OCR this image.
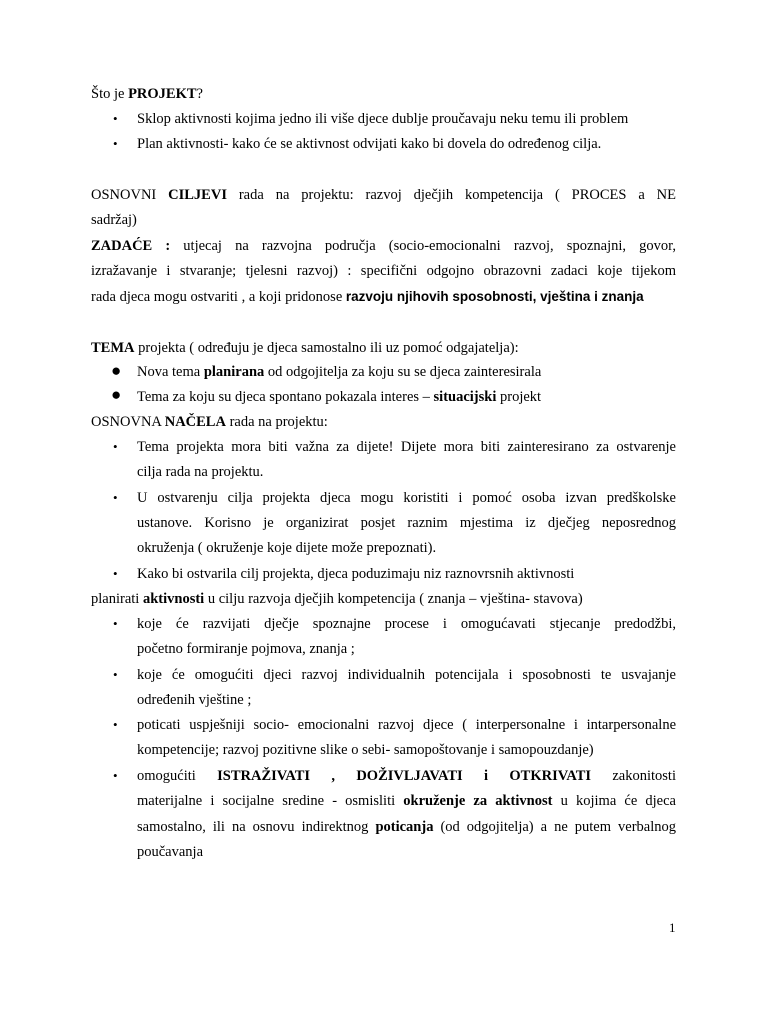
Što je PROJEKT?
• Sklop aktivnosti kojima jedno ili više djece dublje proučavaju neku temu ili problem
• Plan aktivnosti- kako će se aktivnost odvijati kako bi dovela do određenog cilja.
OSNOVNI CILJEVI rada na projektu: razvoj dječjih kompetencija ( PROCES a NE
sadržaj)
ZADAĆE : utjecaj na razvojna područja (socio-emocionalni razvoj, spoznajni, govor,
izražavanje i stvaranje; tjelesni razvoj) : specifični odgojno obrazovni zadaci koje tijekom
rada djeca mogu ostvariti , a koji pridonose razvoju njihovih sposobnosti, vještina i znanja
TEMA projekta ( određuju je djeca samostalno ili uz pomoć odgajatelja):
● Nova tema planirana od odgojitelja za koju su se djeca zainteresirala
● Tema za koju su djeca spontano pokazala interes – situacijski projekt
OSNOVNA NAČELA rada na projektu:
• Tema projekta mora biti važna za dijete! Dijete mora biti zainteresirano za ostvarenje
cilja rada na projektu.
• U ostvarenju cilja projekta djeca mogu koristiti i pomoć osoba izvan predškolske
ustanove. Korisno je organizirat posjet raznim mjestima iz dječjeg neposrednog
okruženja ( okruženje koje dijete može prepoznati).
• Kako bi ostvarila cilj projekta, djeca poduzimaju niz raznovrsnih aktivnosti
planirati aktivnosti u cilju razvoja dječjih kompetencija ( znanja – vještina- stavova)
• koje će razvijati dječje spoznajne procese i omogućavati stjecanje predodžbi,
početno formiranje pojmova, znanja ;
• koje će omogućiti djeci razvoj individualnih potencijala i sposobnosti te usvajanje
određenih vještine ;
• poticati uspješniji socio- emocionalni razvoj djece ( interpersonalne i intarpersonalne
kompetencije; razvoj pozitivne slike o sebi- samopoštovanje i samopouzdanje)
• omogućiti ISTRAŽIVATI , DOŽIVLJAVATI i OTKRIVATI zakonitosti
materijalne i socijalne sredine - osmisliti okruženje za aktivnost u kojima će djeca
samostalno, ili na osnovu indirektnog poticanja (od odgojitelja) a ne putem verbalnog
poučavanja
1
